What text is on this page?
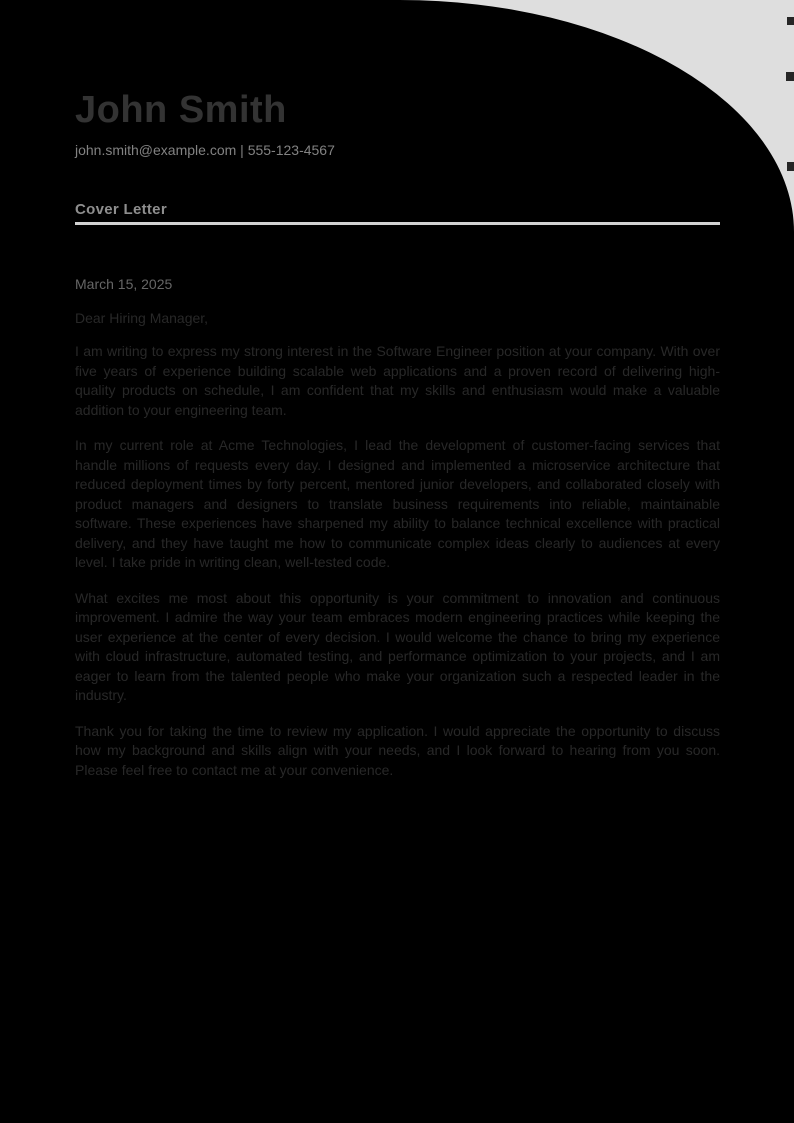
John Smith
john.smith@example.com | 555-123-4567
Cover Letter
March 15, 2025
Dear Hiring Manager,

I am writing to express my strong interest in the Software Engineer position at your company. With over five years of experience building scalable web applications and a proven record of delivering high-quality products on schedule, I am confident that my skills and enthusiasm would make a valuable addition to your engineering team.

In my current role at Acme Technologies, I lead the development of customer-facing services that handle millions of requests every day. I designed and implemented a microservice architecture that reduced deployment times by forty percent, mentored junior developers, and collaborated closely with product managers and designers to translate business requirements into reliable, maintainable software. These experiences have sharpened my ability to balance technical excellence with practical delivery, and they have taught me how to communicate complex ideas clearly to audiences at every level. I take pride in writing clean, well-tested code.

What excites me most about this opportunity is your commitment to innovation and continuous improvement. I admire the way your team embraces modern engineering practices while keeping the user experience at the center of every decision. I would welcome the chance to bring my experience with cloud infrastructure, automated testing, and performance optimization to your projects, and I am eager to learn from the talented people who make your organization such a respected leader in the industry.

Thank you for taking the time to review my application. I would appreciate the opportunity to discuss how my background and skills align with your needs, and I look forward to hearing from you soon. Please feel free to contact me at your convenience.
